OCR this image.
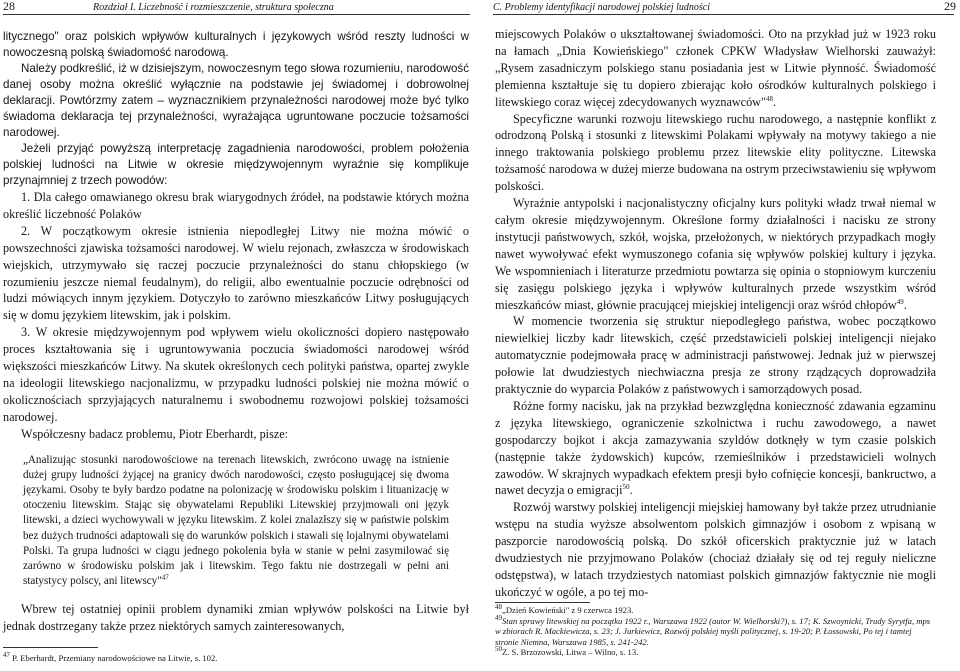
28	Rozdział I. Liczebność i rozmieszczenie, struktura społeczna

litycznego" oraz polskich wpływów kulturalnych i językowych wśród reszty ludności w nowoczesną polską świadomość narodową.

Należy podkreślić, iż w dzisiejszym, nowoczesnym tego słowa rozumieniu, narodowość danej osoby można określić wyłącznie na podstawie jej świadomej i dobrowolnej deklaracji. Powtórzmy zatem – wyznacznikiem przynależności narodowej może być tylko świadoma deklaracja tej przynależności, wyrażająca ugruntowane poczucie tożsamości narodowej.

Jeżeli przyjąć powyższą interpretację zagadnienia narodowości, problem położenia polskiej ludności na Litwie w okresie międzywojennym wyraźnie się komplikuje przynajmniej z trzech powodów:

1. Dla całego omawianego okresu brak wiarygodnych źródeł, na podstawie których można określić liczebność Polaków

2. W początkowym okresie istnienia niepodległej Litwy nie można mówić o powszechności zjawiska tożsamości narodowej. W wielu rejonach, zwłaszcza w środowiskach wiejskich, utrzymywało się raczej poczucie przynależności do stanu chłopskiego (w rozumieniu jeszcze niemal feudalnym), do religii, albo ewentualnie poczucie odrębności od ludzi mówiących innym językiem. Dotyczyło to zarówno mieszkańców Litwy posługujących się w domu językiem litewskim, jak i polskim.

3. W okresie międzywojennym pod wpływem wielu okoliczności dopiero następowało proces kształtowania się i ugruntowywania poczucia świadomości narodowej wśród większości mieszkańców Litwy. Na skutek określonych cech polityki państwa, opartej zwykle na ideologii litewskiego nacjonalizmu, w przypadku ludności polskiej nie można mówić o okolicznościach sprzyjających naturalnemu i swobodnemu rozwojowi polskiej tożsamości narodowej.

Współczesny badacz problemu, Piotr Eberhardt, pisze:

„Analizując stosunki narodowościowe na terenach litewskich, zwrócono uwagę na istnienie dużej grupy ludności żyjącej na granicy dwóch narodowości, często posługującej się dwoma językami. Osoby te były bardzo podatne na polonizację w środowisku polskim i lituanizację w otoczeniu litewskim. Stając się obywatelami Republiki Litewskiej przyjmowali oni język litewski, a dzieci wychowywali w języku litewskim. Z kolei znalazłszy się w państwie polskim bez dużych trudności adaptowali się do warunków polskich i stawali się lojalnymi obywatelami Polski. Ta grupa ludności w ciągu jednego pokolenia była w stanie w pełni zasymilować się zarówno w środowisku polskim jak i litewskim. Tego faktu nie dostrzegali w pełni ani statystycy polscy, ani litewscy"$^{47}$

Wbrew tej ostatniej opinii problem dynamiki zmian wpływów polskości na Litwie był jednak dostrzegany także przez niektórych samych zainteresowanych,

$^{47}$ P. Eberhardt, Przemiany narodowościowe na Litwie, s. 102.
C. Problemy identyfikacji narodowej polskiej ludności	29

miejscowych Polaków o ukształtowanej świadomości. Oto na przykład już w 1923 roku na łamach „Dnia Kowieńskiego" członek CPKW Władysław Wielhorski zauważył: „Rysem zasadniczym polskiego stanu posiadania jest w Litwie płynność. Świadomość plemienna kształtuje się tu dopiero zbierając koło ośrodków kulturalnych polskiego i litewskiego coraz więcej zdecydowanych wyznawców"$^{48}$.

Specyficzne warunki rozwoju litewskiego ruchu narodowego, a następnie konflikt z odrodzoną Polską i stosunki z litewskimi Polakami wpływały na motywy takiego a nie innego traktowania polskiego problemu przez litewskie elity polityczne. Litewska tożsamość narodowa w dużej mierze budowana na ostrym przeciwstawieniu się wpływom polskości.

Wyraźnie antypolski i nacjonalistyczny oficjalny kurs polityki władz trwał niemal w całym okresie międzywojennym. Określone formy działalności i nacisku ze strony instytucji państwowych, szkół, wojska, przełożonych, w niektórych przypadkach mogły nawet wywoływać efekt wymuszonego cofania się wpływów polskiej kultury i języka. We wspomnieniach i literaturze przedmiotu powtarza się opinia o stopniowym kurczeniu się zasięgu polskiego języka i wpływów kulturalnych przede wszystkim wśród mieszkańców miast, głównie pracującej miejskiej inteligencji oraz wśród chłopów$^{49}$.

W momencie tworzenia się struktur niepodległego państwa, wobec początkowo niewielkiej liczby kadr litewskich, część przedstawicieli polskiej inteligencji niejako automatycznie podejmowała pracę w administracji państwowej. Jednak już w pierwszej połowie lat dwudziestych niechwiaczna presja ze strony rządzących doprowadziła praktycznie do wyparcia Polaków z państwowych i samorządowych posad.

Różne formy nacisku, jak na przykład bezwzględna konieczność zdawania egzaminu z języka litewskiego, ograniczenie szkolnictwa i ruchu zawodowego, a nawet gospodarczy bojkot i akcja zamazywania szyldów dotknęły w tym czasie polskich (następnie także żydowskich) kupców, rzemieślników i przedstawicieli wolnych zawodów. W skrajnych wypadkach efektem presji było cofnięcie koncesji, bankructwo, a nawet decyzja o emigracji$^{50}$.

Rozwój warstwy polskiej inteligencji miejskiej hamowany był także przez utrudnianie wstępu na studia wyższe absolwentom polskich gimnazjów i osobom z wpisaną w paszporcie narodowością polską. Do szkół oficerskich praktycznie już w latach dwudziestych nie przyjmowano Polaków (chociaż działały się od tej reguły nieliczne odstępstwa), w latach trzydziestych natomiast polskich gimnazjów faktycznie nie mogli ukończyć w ogóle, a po tej mo-

$^{48}$„Dzień Kowieński" z 9 czerwca 1923.
$^{49}$Stan sprawy litewskiej na początku 1922 r., Warszawa 1922 (autor W. Wielhorski?), s. 17; K. Szwoynicki, Trudy Syrytfa, mps w zbiorach R. Mackiewicza, s. 23; J. Jurkiewicz, Rozwój polskiej myśli politycznej, s. 19-20; P. Łossowski, Po tej i tamtej stronie Niemna, Warszawa 1985, s. 241-242.
$^{50}$Z. S. Brzozowski, Litwa – Wilno, s. 13.
